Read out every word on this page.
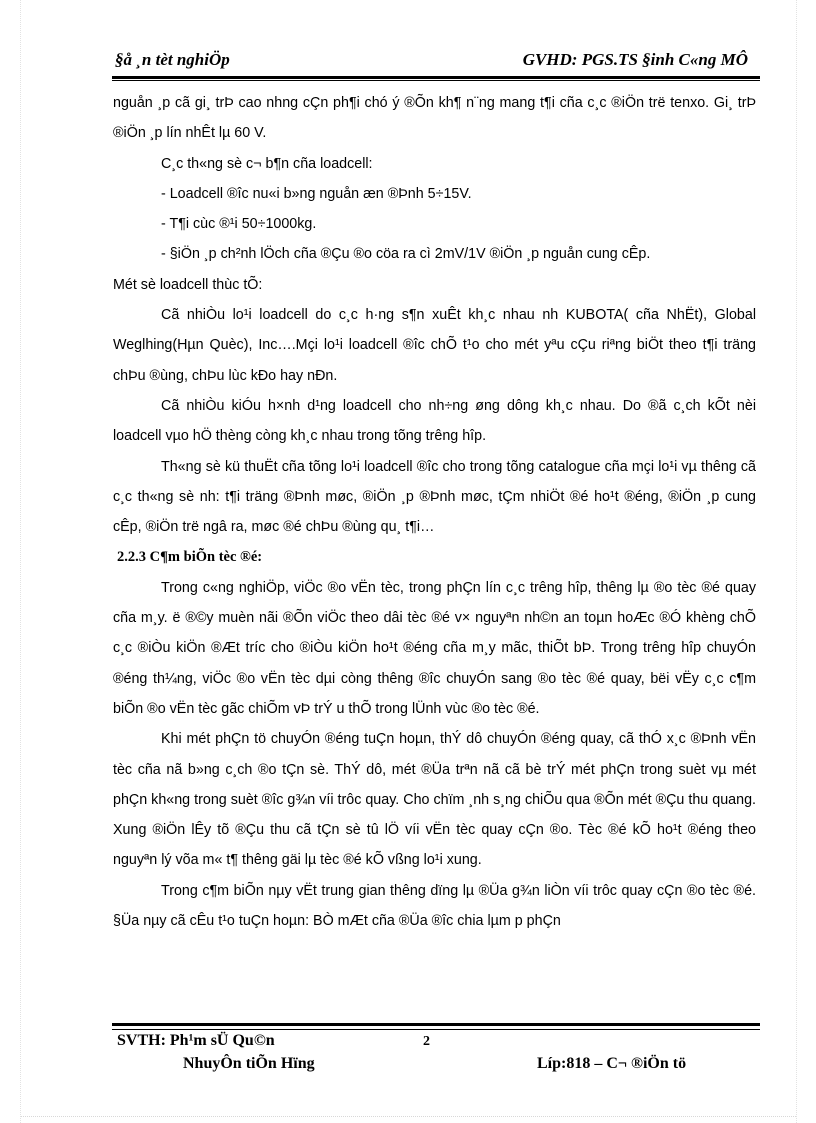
§å ¸n tèt nghiÖp	GVHD: PGS.TS §inh C«ng MÔ

nguån ¸p cã gi¸ trÞ cao nhng cÇn ph¶i chó ý ®Õn kh¶ n¨ng mang t¶i cña c¸c ®iÖn trë tenxo. Gi¸ trÞ ®iÖn ¸p lín nhÊt lµ 60 V.

C¸c th«ng sè c¬ b¶n cña loadcell:

- Loadcell ®îc nu«i b»ng nguån æn ®Þnh 5÷15V.

- T¶i cùc ®¹i 50÷1000kg.

- §iÖn ¸p ch²nh lÖch cña ®Çu ®o cöa ra cì 2mV/1V ®iÖn ¸p nguån cung cÊp.

Mét sè loadcell thùc tÕ:

Cã nhiÒu lo¹i loadcell do c¸c h·ng s¶n xuÊt kh¸c nhau nh KUBOTA( cña NhËt), Global Weglhing(Hµn Quèc), Inc….Mçi lo¹i loadcell ®îc chÕ t¹o cho mét yªu cÇu riªng biÖt theo t¶i träng chÞu ®ùng, chÞu lùc kÐo hay nÐn.

Cã nhiÒu kiÓu h×nh d¹ng loadcell cho nh÷ng øng dông kh¸c nhau. Do ®ã c¸ch kÕt nèi loadcell vµo hÖ thèng còng kh¸c nhau trong tõng trêng hîp.

Th«ng sè kü thuËt cña tõng lo¹i loadcell ®îc cho trong tõng catalogue cña mçi lo¹i vµ thêng cã c¸c th«ng sè nh: t¶i träng ®Þnh møc, ®iÖn ¸p ®Þnh møc, tÇm nhiÖt ®é ho¹t ®éng, ®iÖn ¸p cung cÊp, ®iÖn trë ngâ ra, møc ®é chÞu ®ùng qu¸ t¶i…

2.2.3 C¶m biÕn tèc ®é:

Trong c«ng nghiÖp, viÖc ®o vËn tèc, trong phÇn lín c¸c trêng hîp, thêng lµ ®o tèc ®é quay cña m¸y. ë ®©y muèn nãi ®Õn viÖc theo dâi tèc ®é v× nguyªn nh©n an toµn hoÆc ®Ó khèng chÕ c¸c ®iÒu kiÖn ®Æt tríc cho ®iÒu kiÖn ho¹t ®éng cña m¸y mãc, thiÕt bÞ. Trong trêng hîp chuyÓn ®éng th¼ng, viÖc ®o vËn tèc dµi còng thêng ®îc chuyÓn sang ®o tèc ®é quay, bëi vËy c¸c c¶m biÕn ®o vËn tèc gãc chiÕm vÞ trÝ u thÕ trong lÜnh vùc ®o tèc ®é.

Khi mét phÇn tö chuyÓn ®éng tuÇn hoµn, thÝ dô chuyÓn ®éng quay, cã thÓ x¸c ®Þnh vËn tèc cña nã b»ng c¸ch ®o tÇn sè. ThÝ dô, mét ®Üa trªn nã cã bè trÝ mét phÇn trong suèt vµ mét phÇn kh«ng trong suèt ®îc g¾n víi trôc quay. Cho chïm ¸nh s¸ng chiÕu qua ®Õn mét ®Çu thu quang. Xung ®iÖn lÊy tõ ®Çu thu cã tÇn sè tû lÖ víi vËn tèc quay cÇn ®o. Tèc ®é kÕ ho¹t ®éng theo nguyªn lý võa m« t¶ thêng gäi lµ tèc ®é kÕ vßng lo¹i xung.

Trong c¶m biÕn nµy vËt trung gian thêng dïng lµ ®Üa g¾n liÒn víi trôc quay cÇn ®o tèc ®é. §Üa nµy cã cÊu t¹o tuÇn hoµn: BÒ mÆt cña ®Üa ®îc chia lµm p phÇn

SVTH: Ph¹m sÜ Qu©n	2
NhuyÔn tiÕn Hïng	Líp:818 – C¬ ®iÖn tö
